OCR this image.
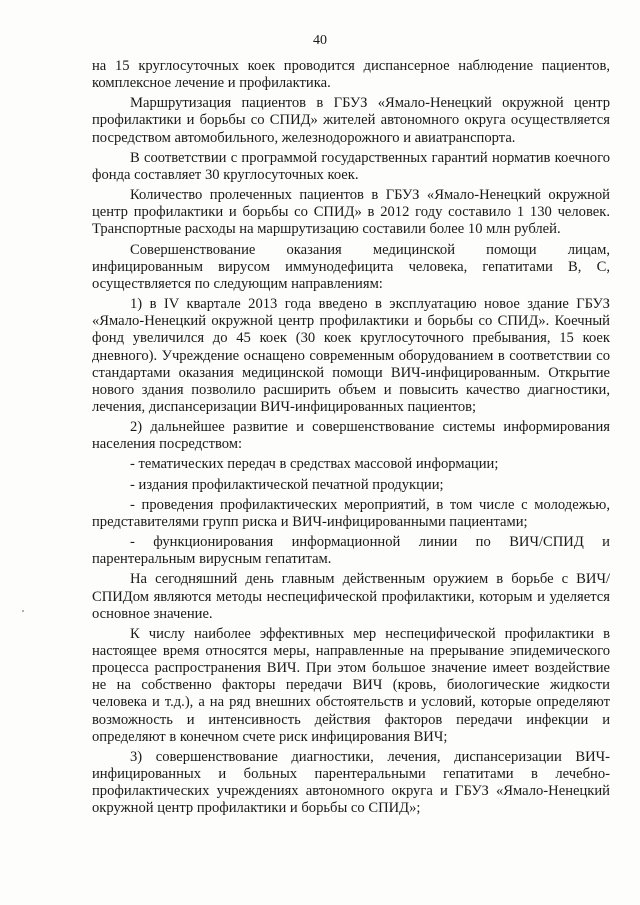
40

на 15 круглосуточных коек проводится диспансерное наблюдение пациентов, комплексное лечение и профилактика.

Маршрутизация пациентов в ГБУЗ «Ямало-Ненецкий окружной центр профилактики и борьбы со СПИД» жителей автономного округа осуществляется посредством автомобильного, железнодорожного и авиатранспорта.

В соответствии с программой государственных гарантий норматив коечного фонда составляет 30 круглосуточных коек.

Количество пролеченных пациентов в ГБУЗ «Ямало-Ненецкий окружной центр профилактики и борьбы со СПИД» в 2012 году составило 1 130 человек. Транспортные расходы на маршрутизацию составили более 10 млн рублей.

Совершенствование оказания медицинской помощи лицам, инфицированным вирусом иммунодефицита человека, гепатитами В, С, осуществляется по следующим направлениям:

1) в IV квартале 2013 года введено в эксплуатацию новое здание ГБУЗ «Ямало-Ненецкий окружной центр профилактики и борьбы со СПИД». Коечный фонд увеличился до 45 коек (30 коек круглосуточного пребывания, 15 коек дневного). Учреждение оснащено современным оборудованием в соответствии со стандартами оказания медицинской помощи ВИЧ-инфицированным. Открытие нового здания позволило расширить объем и повысить качество диагностики, лечения, диспансеризации ВИЧ-инфицированных пациентов;

2) дальнейшее развитие и совершенствование системы информирования населения посредством:

- тематических передач в средствах массовой информации;

- издания профилактической печатной продукции;

- проведения профилактических мероприятий, в том числе с молодежью, представителями групп риска и ВИЧ-инфицированными пациентами;

- функционирования информационной линии по ВИЧ/СПИД и парентеральным вирусным гепатитам.

На сегодняшний день главным действенным оружием в борьбе с ВИЧ/СПИДом являются методы неспецифической профилактики, которым и уделяется основное значение.

К числу наиболее эффективных мер неспецифической профилактики в настоящее время относятся меры, направленные на прерывание эпидемического процесса распространения ВИЧ. При этом большое значение имеет воздействие не на собственно факторы передачи ВИЧ (кровь, биологические жидкости человека и т.д.), а на ряд внешних обстоятельств и условий, которые определяют возможность и интенсивность действия факторов передачи инфекции и определяют в конечном счете риск инфицирования ВИЧ;

3) совершенствование диагностики, лечения, диспансеризации ВИЧ-инфицированных и больных парентеральными гепатитами в лечебно-профилактических учреждениях автономного округа и ГБУЗ «Ямало-Ненецкий окружной центр профилактики и борьбы со СПИД»;
